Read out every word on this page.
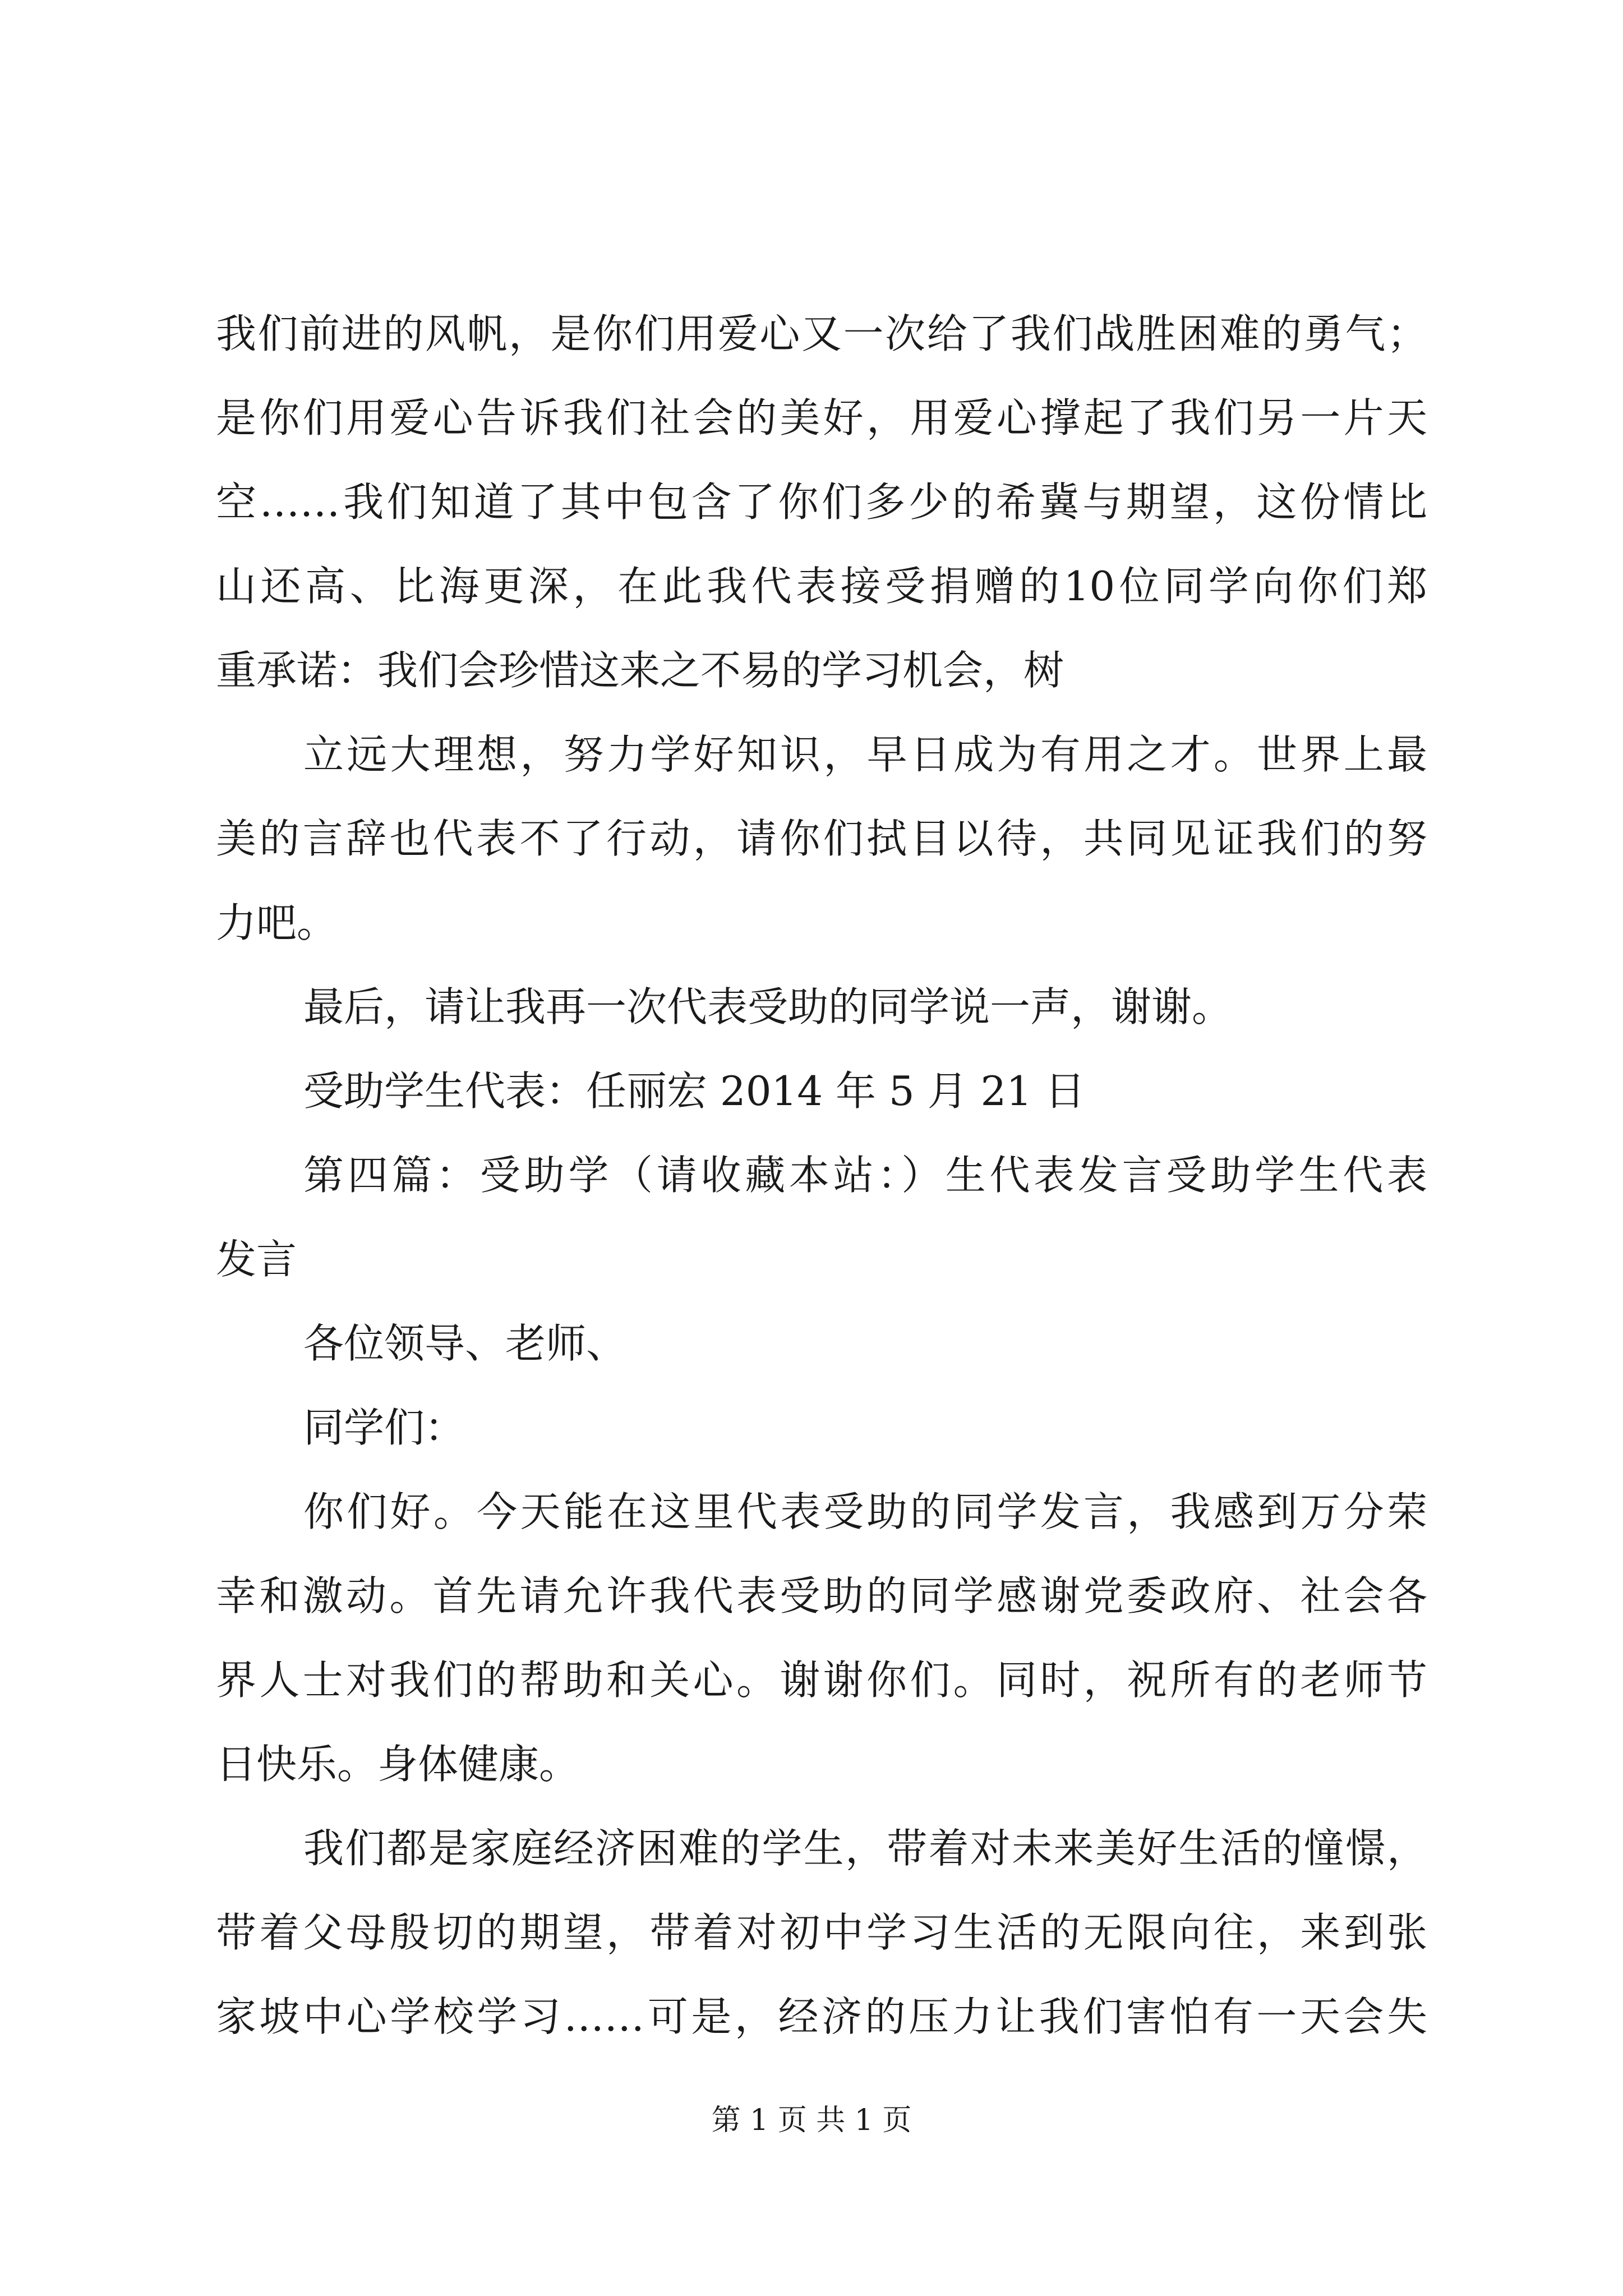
我们前进的风帆，是你们用爱心又一次给了我们战胜困难的勇气；
是你们用爱心告诉我们社会的美好，用爱心撑起了我们另一片天
空……我们知道了其中包含了你们多少的希冀与期望，这份情比
山还高、比海更深，在此我代表接受捐赠的10位同学向你们郑
重承诺：我们会珍惜这来之不易的学习机会，树
立远大理想，努力学好知识，早日成为有用之才。世界上最
美的言辞也代表不了行动，请你们拭目以待，共同见证我们的努
力吧。
最后，请让我再一次代表受助的同学说一声，谢谢。
受助学生代表：任丽宏 2014 年 5 月 21 日
第四篇：受助学（请收藏本站：）生代表发言受助学生代表
发言
各位领导、老师、
同学们：
你们好。今天能在这里代表受助的同学发言，我感到万分荣
幸和激动。首先请允许我代表受助的同学感谢党委政府、社会各
界人士对我们的帮助和关心。谢谢你们。同时，祝所有的老师节
日快乐。身体健康。
我们都是家庭经济困难的学生，带着对未来美好生活的憧憬，
带着父母殷切的期望，带着对初中学习生活的无限向往，来到张
家坡中心学校学习……可是，经济的压力让我们害怕有一天会失
第 1 页 共 1 页
